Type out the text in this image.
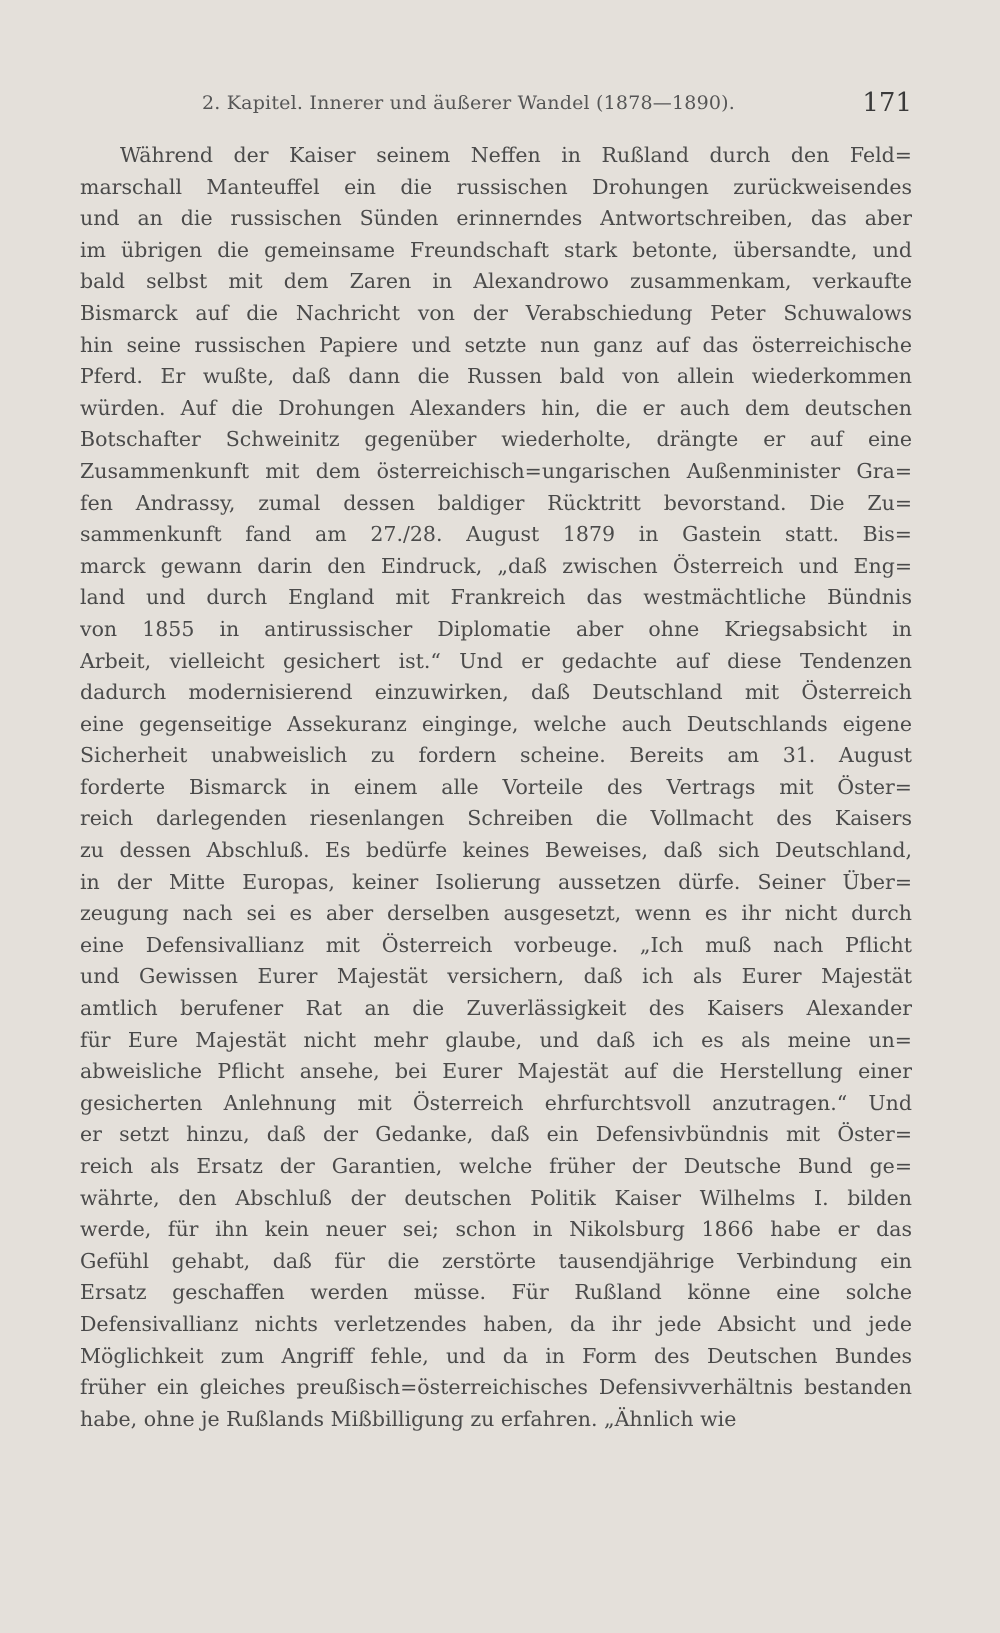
2. Kapitel. Innerer und äußerer Wandel (1878—1890).	171
Während der Kaiser seinem Neffen in Rußland durch den Feld=
marschall Manteuffel ein die russischen Drohungen zurückweisendes
und an die russischen Sünden erinnerndes Antwortschreiben, das aber
im übrigen die gemeinsame Freundschaft stark betonte, übersandte, und
bald selbst mit dem Zaren in Alexandrowo zusammenkam, verkaufte
Bismarck auf die Nachricht von der Verabschiedung Peter Schuwalows
hin seine russischen Papiere und setzte nun ganz auf das österreichische
Pferd. Er wußte, daß dann die Russen bald von allein wiederkommen
würden. Auf die Drohungen Alexanders hin, die er auch dem deutschen
Botschafter Schweinitz gegenüber wiederholte, drängte er auf eine
Zusammenkunft mit dem österreichisch=ungarischen Außenminister Gra=
fen Andrassy, zumal dessen baldiger Rücktritt bevorstand. Die Zu=
sammenkunft fand am 27./28. August 1879 in Gastein statt. Bis=
marck gewann darin den Eindruck, „daß zwischen Österreich und Eng=
land und durch England mit Frankreich das westmächtliche Bündnis
von 1855 in antirussischer Diplomatie aber ohne Kriegsabsicht in
Arbeit, vielleicht gesichert ist.“ Und er gedachte auf diese Tendenzen
dadurch modernisierend einzuwirken, daß Deutschland mit Österreich
eine gegenseitige Assekuranz einginge, welche auch Deutschlands eigene
Sicherheit unabweislich zu fordern scheine. Bereits am 31. August
forderte Bismarck in einem alle Vorteile des Vertrags mit Öster=
reich darlegenden riesenlangen Schreiben die Vollmacht des Kaisers
zu dessen Abschluß. Es bedürfe keines Beweises, daß sich Deutschland,
in der Mitte Europas, keiner Isolierung aussetzen dürfe. Seiner Über=
zeugung nach sei es aber derselben ausgesetzt, wenn es ihr nicht durch
eine Defensivallianz mit Österreich vorbeuge. „Ich muß nach Pflicht
und Gewissen Eurer Majestät versichern, daß ich als Eurer Majestät
amtlich berufener Rat an die Zuverlässigkeit des Kaisers Alexander
für Eure Majestät nicht mehr glaube, und daß ich es als meine un=
abweisliche Pflicht ansehe, bei Eurer Majestät auf die Herstellung einer
gesicherten Anlehnung mit Österreich ehrfurchtsvoll anzutragen.“ Und
er setzt hinzu, daß der Gedanke, daß ein Defensivbündnis mit Öster=
reich als Ersatz der Garantien, welche früher der Deutsche Bund ge=
währte, den Abschluß der deutschen Politik Kaiser Wilhelms I. bilden
werde, für ihn kein neuer sei; schon in Nikolsburg 1866 habe er das
Gefühl gehabt, daß für die zerstörte tausendjährige Verbindung ein
Ersatz geschaffen werden müsse. Für Rußland könne eine solche
Defensivallianz nichts verletzendes haben, da ihr jede Absicht und jede
Möglichkeit zum Angriff fehle, und da in Form des Deutschen Bundes
früher ein gleiches preußisch=österreichisches Defensivverhältnis bestanden
habe, ohne je Rußlands Mißbilligung zu erfahren. „Ähnlich wie
